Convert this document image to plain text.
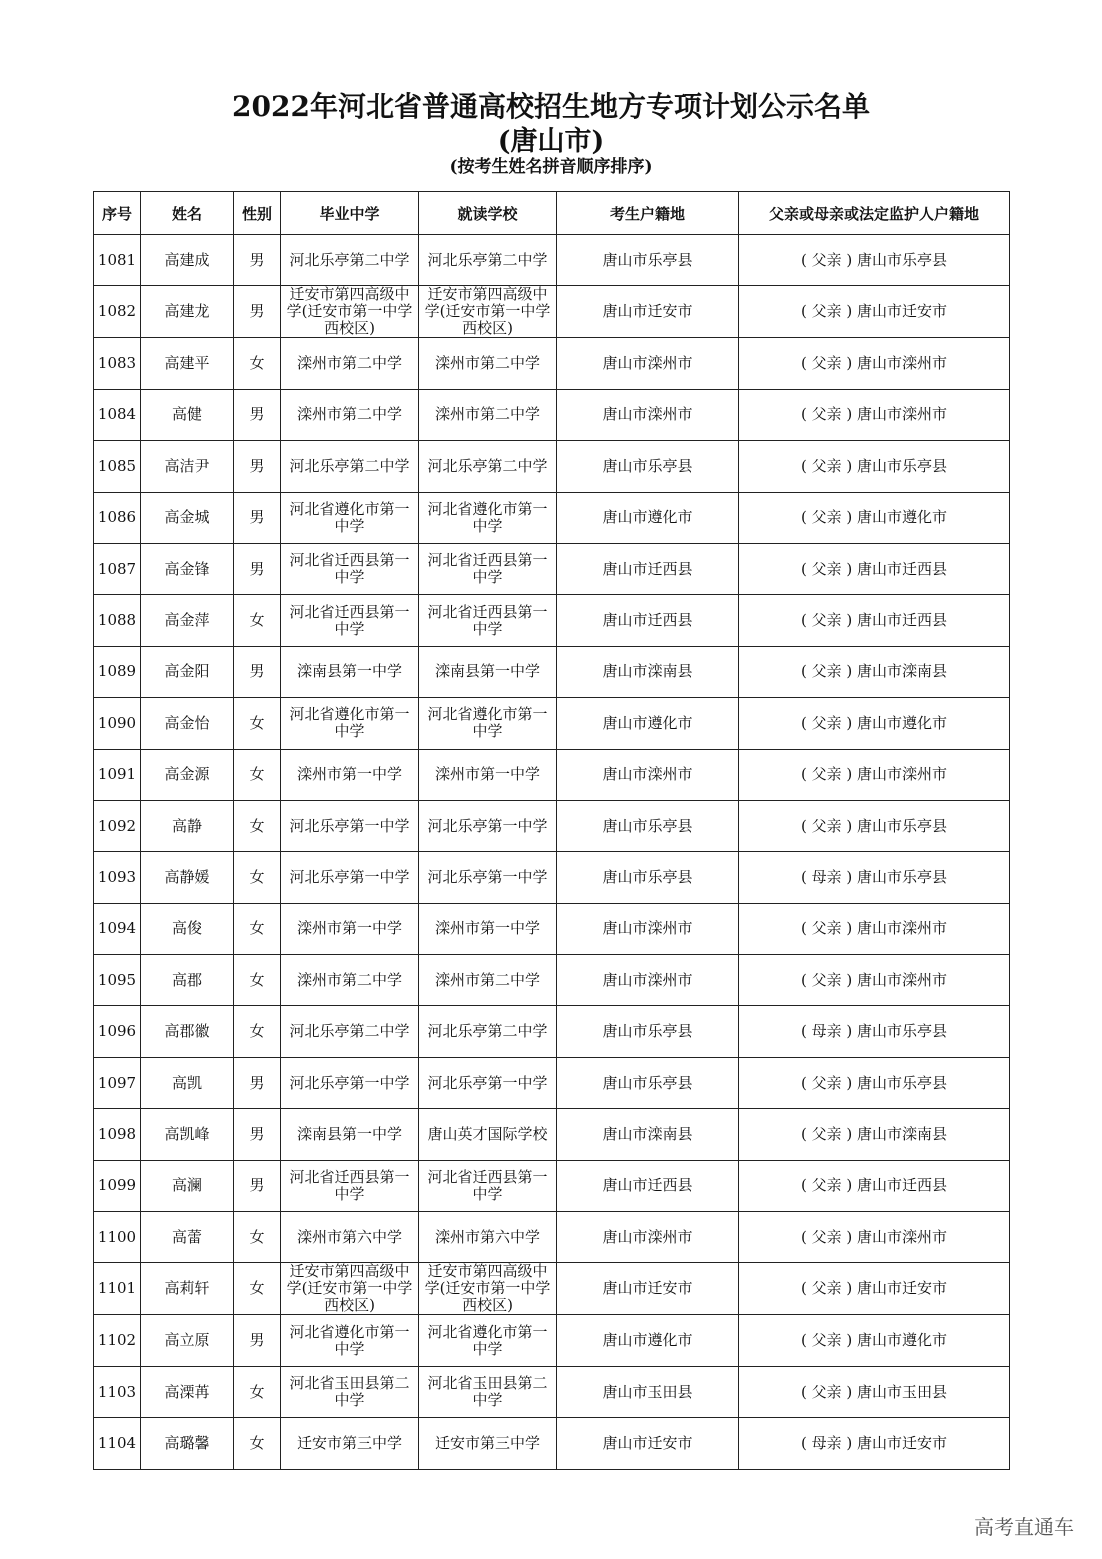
2022年河北省普通高校招生地方专项计划公示名单
(唐山市)
(按考生姓名拼音顺序排序)
序号	姓名	性别	毕业中学	就读学校	考生户籍地	父亲或母亲或法定监护人户籍地
1081	高建成	男	河北乐亭第二中学	河北乐亭第二中学	唐山市乐亭县	( 父亲 ) 唐山市乐亭县
1082	高建龙	男	迁安市第四高级中学(迁安市第一中学西校区)	迁安市第四高级中学(迁安市第一中学西校区)	唐山市迁安市	( 父亲 ) 唐山市迁安市
1083	高建平	女	滦州市第二中学	滦州市第二中学	唐山市滦州市	( 父亲 ) 唐山市滦州市
1084	高健	男	滦州市第二中学	滦州市第二中学	唐山市滦州市	( 父亲 ) 唐山市滦州市
1085	高洁尹	男	河北乐亭第二中学	河北乐亭第二中学	唐山市乐亭县	( 父亲 ) 唐山市乐亭县
1086	高金城	男	河北省遵化市第一中学	河北省遵化市第一中学	唐山市遵化市	( 父亲 ) 唐山市遵化市
1087	高金锋	男	河北省迁西县第一中学	河北省迁西县第一中学	唐山市迁西县	( 父亲 ) 唐山市迁西县
1088	高金萍	女	河北省迁西县第一中学	河北省迁西县第一中学	唐山市迁西县	( 父亲 ) 唐山市迁西县
1089	高金阳	男	滦南县第一中学	滦南县第一中学	唐山市滦南县	( 父亲 ) 唐山市滦南县
1090	高金怡	女	河北省遵化市第一中学	河北省遵化市第一中学	唐山市遵化市	( 父亲 ) 唐山市遵化市
1091	高金源	女	滦州市第一中学	滦州市第一中学	唐山市滦州市	( 父亲 ) 唐山市滦州市
1092	高静	女	河北乐亭第一中学	河北乐亭第一中学	唐山市乐亭县	( 父亲 ) 唐山市乐亭县
1093	高静媛	女	河北乐亭第一中学	河北乐亭第一中学	唐山市乐亭县	( 母亲 ) 唐山市乐亭县
1094	高俊	女	滦州市第一中学	滦州市第一中学	唐山市滦州市	( 父亲 ) 唐山市滦州市
1095	高郡	女	滦州市第二中学	滦州市第二中学	唐山市滦州市	( 父亲 ) 唐山市滦州市
1096	高郡徽	女	河北乐亭第二中学	河北乐亭第二中学	唐山市乐亭县	( 母亲 ) 唐山市乐亭县
1097	高凯	男	河北乐亭第一中学	河北乐亭第一中学	唐山市乐亭县	( 父亲 ) 唐山市乐亭县
1098	高凯峰	男	滦南县第一中学	唐山英才国际学校	唐山市滦南县	( 父亲 ) 唐山市滦南县
1099	高澜	男	河北省迁西县第一中学	河北省迁西县第一中学	唐山市迁西县	( 父亲 ) 唐山市迁西县
1100	高蕾	女	滦州市第六中学	滦州市第六中学	唐山市滦州市	( 父亲 ) 唐山市滦州市
1101	高莉轩	女	迁安市第四高级中学(迁安市第一中学西校区)	迁安市第四高级中学(迁安市第一中学西校区)	唐山市迁安市	( 父亲 ) 唐山市迁安市
1102	高立原	男	河北省遵化市第一中学	河北省遵化市第一中学	唐山市遵化市	( 父亲 ) 唐山市遵化市
1103	高溧苒	女	河北省玉田县第二中学	河北省玉田县第二中学	唐山市玉田县	( 父亲 ) 唐山市玉田县
1104	高璐馨	女	迁安市第三中学	迁安市第三中学	唐山市迁安市	( 母亲 ) 唐山市迁安市
高考直通车
